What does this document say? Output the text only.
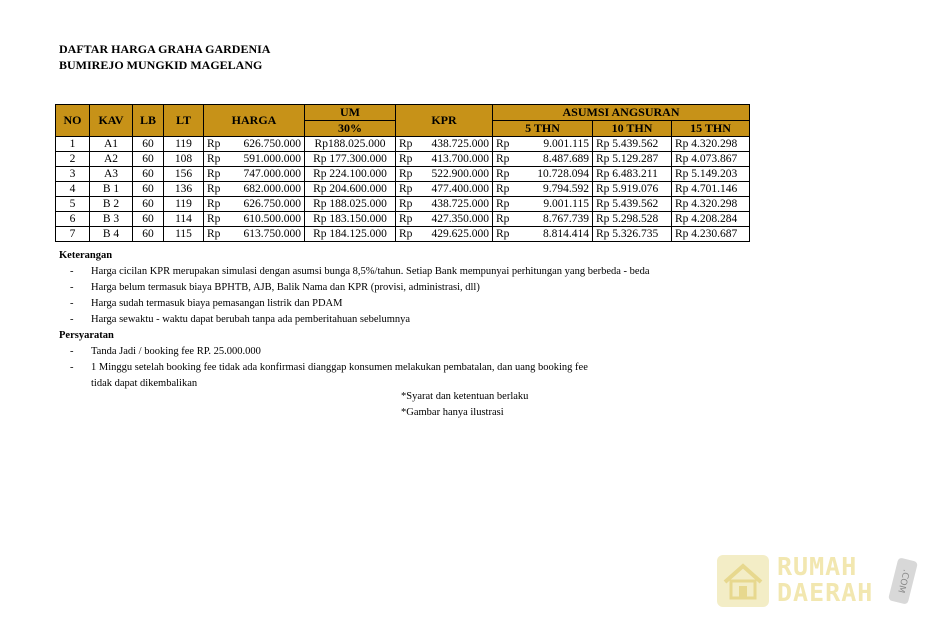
DAFTAR HARGA GRAHA GARDENIA
BUMIREJO MUNGKID MAGELANG
NO	KAV	LB	LT	HARGA	UM	KPR	ASUMSI ANGSURAN		
					30%		5 THN	10 THN	15 THN
1	A1	60	119	Rp 626.750.000	Rp188.025.000	Rp 438.725.000	Rp 9.001.115	Rp 5.439.562	Rp 4.320.298
2	A2	60	108	Rp 591.000.000	Rp 177.300.000	Rp 413.700.000	Rp 8.487.689	Rp 5.129.287	Rp 4.073.867
3	A3	60	156	Rp 747.000.000	Rp 224.100.000	Rp 522.900.000	Rp 10.728.094	Rp 6.483.211	Rp 5.149.203
4	B 1	60	136	Rp 682.000.000	Rp 204.600.000	Rp 477.400.000	Rp 9.794.592	Rp 5.919.076	Rp 4.701.146
5	B 2	60	119	Rp 626.750.000	Rp 188.025.000	Rp 438.725.000	Rp 9.001.115	Rp 5.439.562	Rp 4.320.298
6	B 3	60	114	Rp 610.500.000	Rp 183.150.000	Rp 427.350.000	Rp 8.767.739	Rp 5.298.528	Rp 4.208.284
7	B 4	60	115	Rp 613.750.000	Rp 184.125.000	Rp 429.625.000	Rp 8.814.414	Rp 5.326.735	Rp 4.230.687
Keterangan
-	Harga cicilan KPR merupakan simulasi dengan asumsi bunga 8,5%/tahun. Setiap Bank mempunyai perhitungan yang berbeda - beda
-	Harga belum termasuk biaya BPHTB, AJB, Balik Nama dan KPR (provisi, administrasi, dll)
-	Harga sudah termasuk biaya pemasangan listrik dan PDAM
-	Harga sewaktu - waktu dapat berubah tanpa ada pemberitahuan sebelumnya
Persyaratan
-	Tanda Jadi / booking fee RP. 25.000.000
-	1 Minggu setelah booking fee tidak ada konfirmasi dianggap konsumen melakukan pembatalan, dan uang booking fee
tidak dapat dikembalikan
*Syarat dan ketentuan berlaku
*Gambar hanya ilustrasi
RUMAH
DAERAH	.COM
